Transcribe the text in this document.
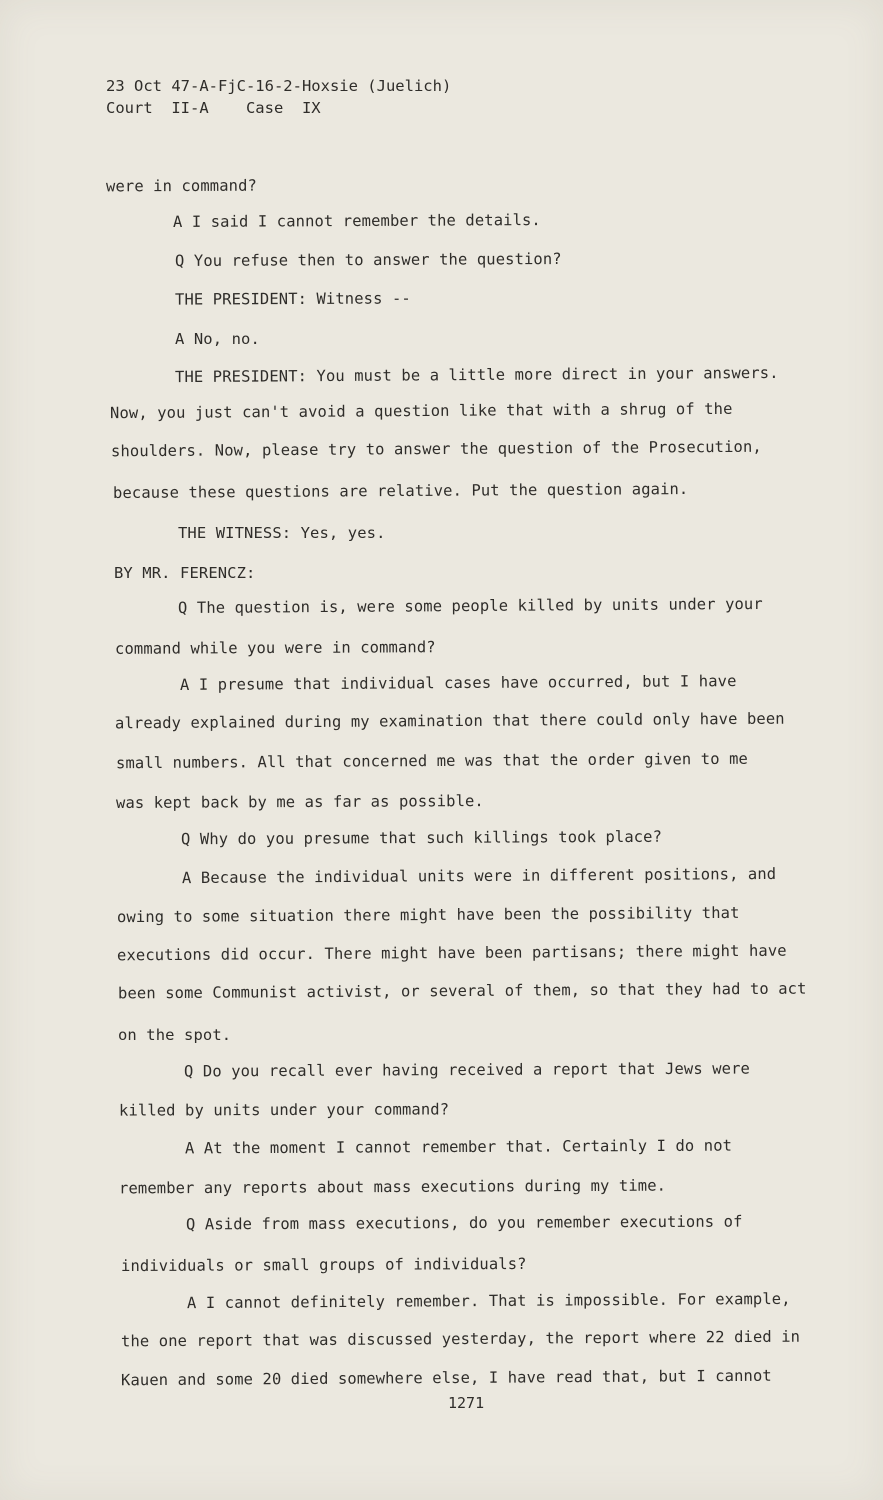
23 Oct 47-A-FjC-16-2-Hoxsie (Juelich)
Court  II-A    Case  IX
were in command?
A I said I cannot remember the details.
Q You refuse then to answer the question?
THE PRESIDENT: Witness --
A No, no.
THE PRESIDENT: You must be a little more direct in your answers.
Now, you just can't avoid a question like that with a shrug of the
shoulders. Now, please try to answer the question of the Prosecution,
because these questions are relative. Put the question again.
THE WITNESS: Yes, yes.
BY MR. FERENCZ:
Q The question is, were some people killed by units under your
command while you were in command?
A I presume that individual cases have occurred, but I have
already explained during my examination that there could only have been
small numbers. All that concerned me was that the order given to me
was kept back by me as far as possible.
Q Why do you presume that such killings took place?
A Because the individual units were in different positions, and
owing to some situation there might have been the possibility that
executions did occur. There might have been partisans; there might have
been some Communist activist, or several of them, so that they had to act
on the spot.
Q Do you recall ever having received a report that Jews were
killed by units under your command?
A At the moment I cannot remember that. Certainly I do not
remember any reports about mass executions during my time.
Q Aside from mass executions, do you remember executions of
individuals or small groups of individuals?
A I cannot definitely remember. That is impossible. For example,
the one report that was discussed yesterday, the report where 22 died in
Kauen and some 20 died somewhere else, I have read that, but I cannot
1271
